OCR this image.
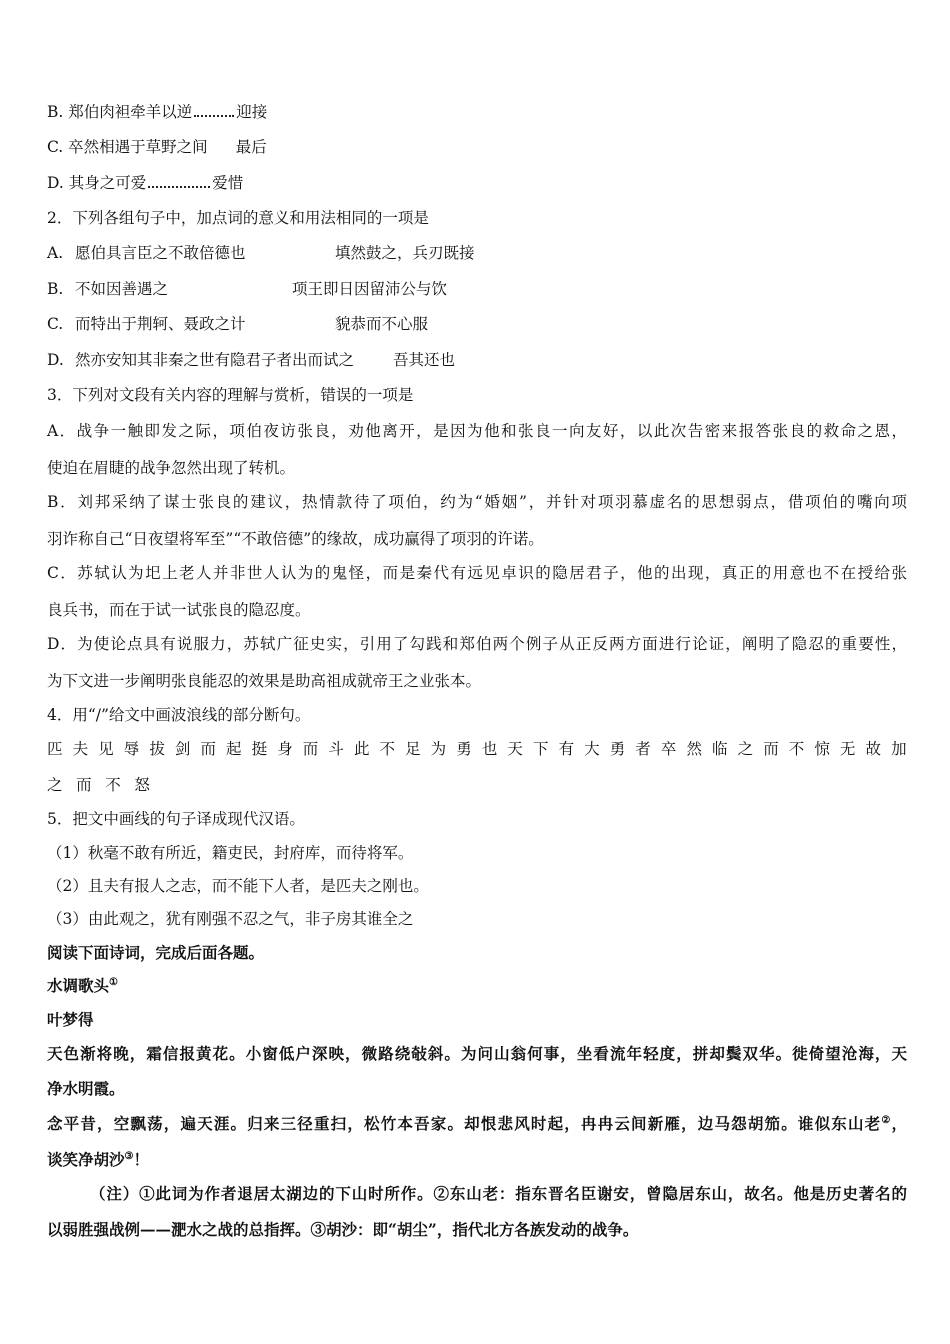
B. 郑伯肉袒牵羊以逆	迎接
C. 卒然相遇于草野之间 最后
D. 其身之可爱	爱惜
2．下列各组句子中，加点词的意义和用法相同的一项是
A. 愿伯具言臣之不敢倍德也	填然鼓之，兵刃既接
B. 不如因善遇之	项王即日因留沛公与饮
C. 而特出于荆轲、聂政之计	貌恭而不心服
D. 然亦安知其非秦之世有隐君子者出而试之	吾其还也
3．下列对文段有关内容的理解与赏析，错误的一项是
A．战争一触即发之际，项伯夜访张良，劝他离开，是因为他和张良一向友好，以此次告密来报答张良的救命之恩，
使迫在眉睫的战争忽然出现了转机。
B．刘邦采纳了谋士张良的建议，热情款待了项伯，约为“婚姻”，并针对项羽慕虚名的思想弱点，借项伯的嘴向项
羽诈称自己“日夜望将军至”“不敢倍德”的缘故，成功赢得了项羽的许诺。
C．苏轼认为圯上老人并非世人认为的鬼怪，而是秦代有远见卓识的隐居君子，他的出现，真正的用意也不在授给张
良兵书，而在于试一试张良的隐忍度。
D．为使论点具有说服力，苏轼广征史实，引用了勾践和郑伯两个例子从正反两方面进行论证，阐明了隐忍的重要性，
为下文进一步阐明张良能忍的效果是助高祖成就帝王之业张本。
4．用“/”给文中画波浪线的部分断句。
匹 夫 见 辱 拔 剑 而 起 挺 身 而 斗 此 不 足 为 勇 也 天 下 有 大 勇 者 卒 然 临 之 而 不 惊 无 故 加
之 而 不 怒
5．把文中画线的句子译成现代汉语。
（1）秋毫不敢有所近，籍吏民，封府库，而待将军。
（2）且夫有报人之志，而不能下人者，是匹夫之刚也。
（3）由此观之，犹有刚强不忍之气，非子房其谁全之
阅读下面诗词，完成后面各题。
水调歌头①
叶梦得
天色渐将晚，霜信报黄花。小窗低户深映，微路绕敧斜。为问山翁何事，坐看流年轻度，拼却鬓双华。徙倚望沧海，天
净水明霞。
念平昔，空飘荡，遍天涯。归来三径重扫，松竹本吾家。却恨悲风时起，冉冉云间新雁，边马怨胡笳。谁似东山老②，
谈笑净胡沙③！
（注）①此词为作者退居太湖边的下山时所作。②东山老：指东晋名臣谢安，曾隐居东山，故名。他是历史著名的
以弱胜强战例——淝水之战的总指挥。③胡沙：即“胡尘”，指代北方各族发动的战争。
